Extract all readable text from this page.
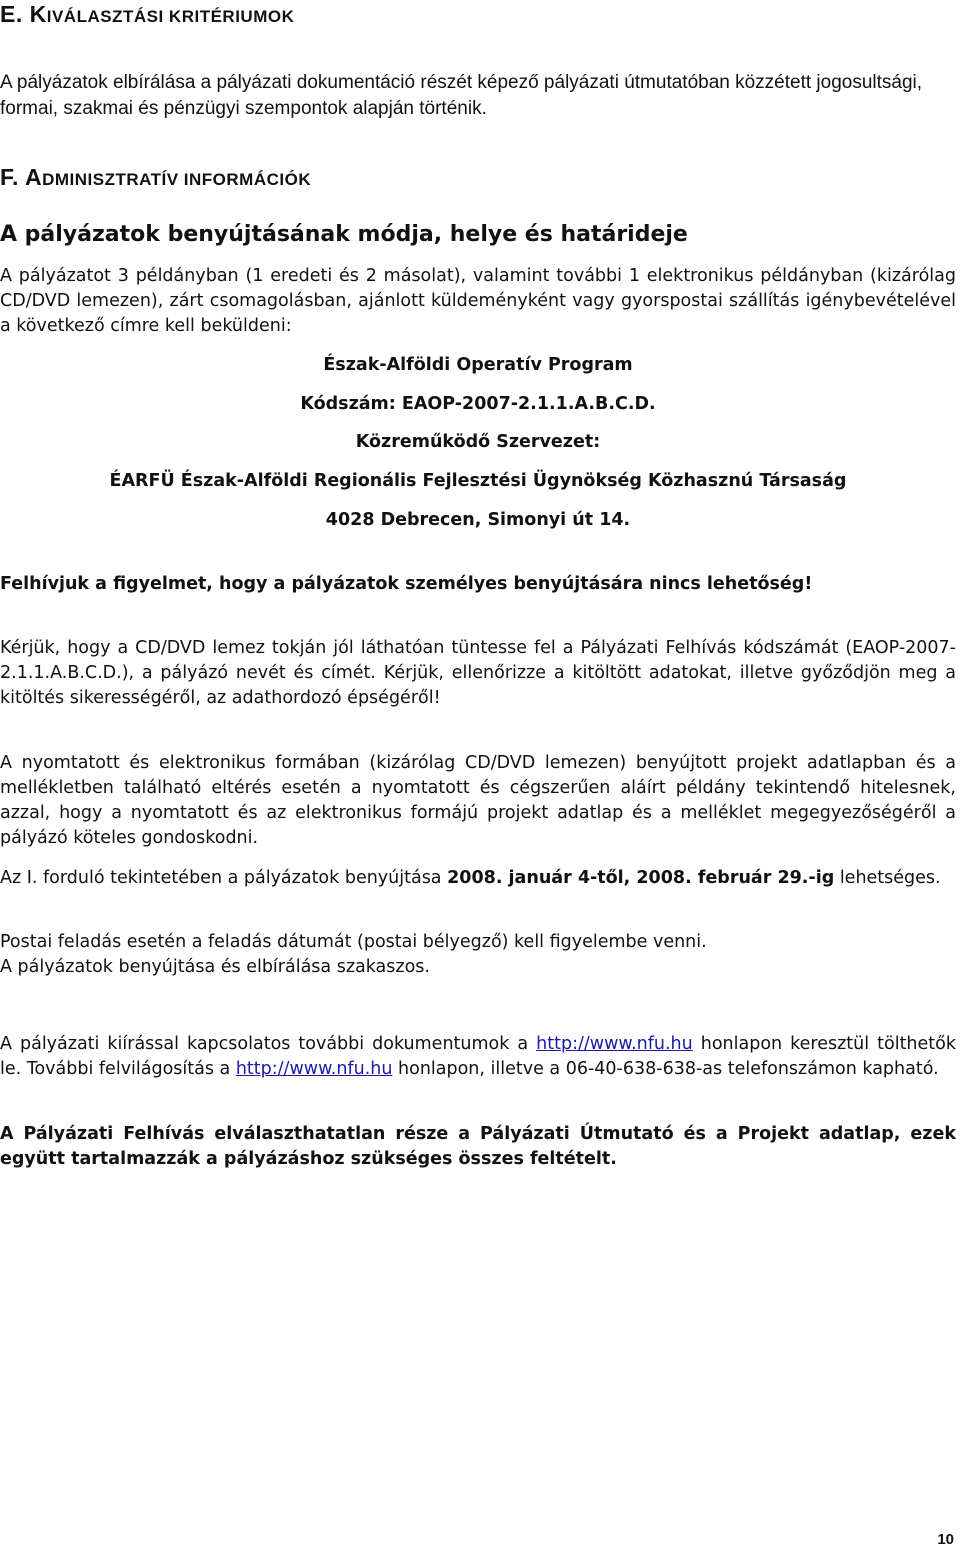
E. KIVÁLASZTÁSI KRITÉRIUMOK

A pályázatok elbírálása a pályázati dokumentáció részét képező pályázati útmutatóban közzétett jogosultsági, formai, szakmai és pénzügyi szempontok alapján történik.

F. ADMINISZTRATÍV INFORMÁCIÓK
A pályázatok benyújtásának módja, helye és határideje

A pályázatot 3 példányban (1 eredeti és 2 másolat), valamint további 1 elektronikus példányban (kizárólag CD/DVD lemezen), zárt csomagolásban, ajánlott küldeményként vagy gyorspostai szállítás igénybevételével a következő címre kell beküldeni:

Észak-Alföldi Operatív Program

Kódszám: EAOP-2007-2.1.1.A.B.C.D.

Közreműködő Szervezet:

ÉARFÜ Észak-Alföldi Regionális Fejlesztési Ügynökség Közhasznú Társaság

4028 Debrecen, Simonyi út 14.

Felhívjuk a figyelmet, hogy a pályázatok személyes benyújtására nincs lehetőség!

Kérjük, hogy a CD/DVD lemez tokján jól láthatóan tüntesse fel a Pályázati Felhívás kódszámát (EAOP-2007-2.1.1.A.B.C.D.), a pályázó nevét és címét. Kérjük, ellenőrizze a kitöltött adatokat, illetve győződjön meg a kitöltés sikerességéről, az adathordozó épségéről!

A nyomtatott és elektronikus formában (kizárólag CD/DVD lemezen) benyújtott projekt adatlapban és a mellékletben található eltérés esetén a nyomtatott és cégszerűen aláírt példány tekintendő hitelesnek, azzal, hogy a nyomtatott és az elektronikus formájú projekt adatlap és a melléklet megegyezőségéről a pályázó köteles gondoskodni.

Az I. forduló tekintetében a pályázatok benyújtása 2008. január 4-től, 2008. február 29.-ig lehetséges.

Postai feladás esetén a feladás dátumát (postai bélyegző) kell figyelembe venni.

A pályázatok benyújtása és elbírálása szakaszos.

A pályázati kiírással kapcsolatos további dokumentumok a http://www.nfu.hu honlapon keresztül tölthetők le. További felvilágosítás a http://www.nfu.hu honlapon, illetve a 06-40-638-638-as telefonszámon kapható.

A Pályázati Felhívás elválaszthatatlan része a Pályázati Útmutató és a Projekt adatlap, ezek együtt tartalmazzák a pályázáshoz szükséges összes feltételt.

10
